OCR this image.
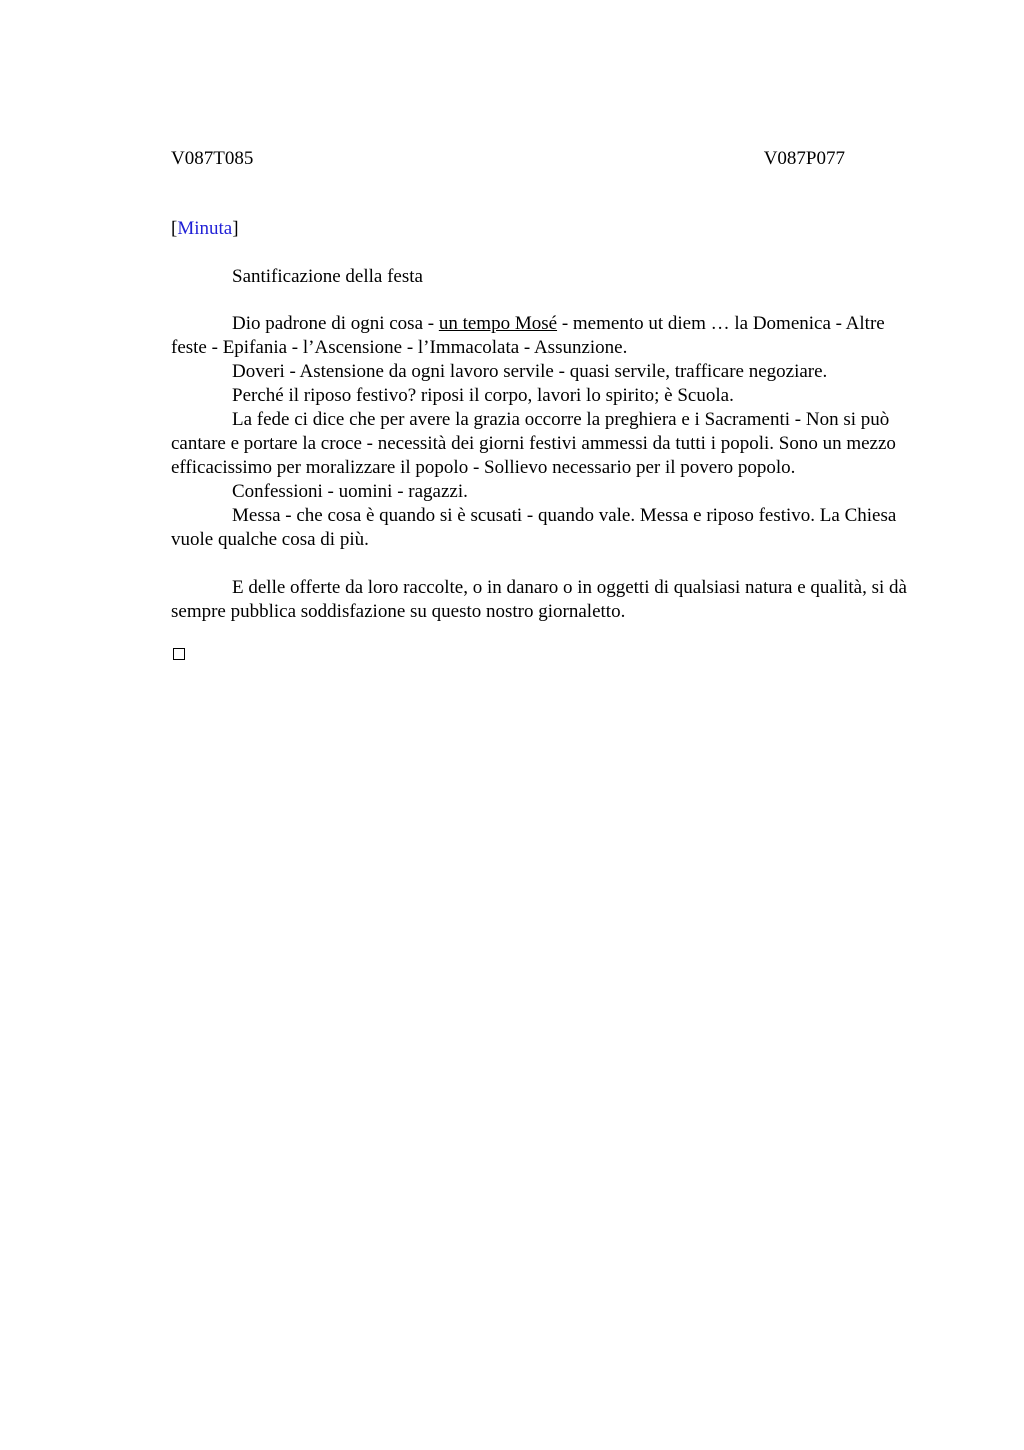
V087T085	V087P077
[Minuta]
Santificazione della festa

Dio padrone di ogni cosa - un tempo Mosé - memento ut diem … la Domenica - Altre feste - Epifania - l’Ascensione - l’Immacolata - Assunzione.

Doveri - Astensione da ogni lavoro servile - quasi servile, trafficare negoziare.

Perché il riposo festivo? riposi il corpo, lavori lo spirito; è Scuola.

La fede ci dice che per avere la grazia occorre la preghiera e i Sacramenti - Non si può cantare e portare la croce - necessità dei giorni festivi ammessi da tutti i popoli. Sono un mezzo efficacissimo per moralizzare il popolo - Sollievo necessario per il povero popolo.

Confessioni - uomini - ragazzi.

Messa - che cosa è quando si è scusati - quando vale. Messa e riposo festivo. La Chiesa vuole qualche cosa di più.

E delle offerte da loro raccolte, o in danaro o in oggetti di qualsiasi natura e qualità, si dà sempre pubblica soddisfazione su questo nostro giornaletto.
